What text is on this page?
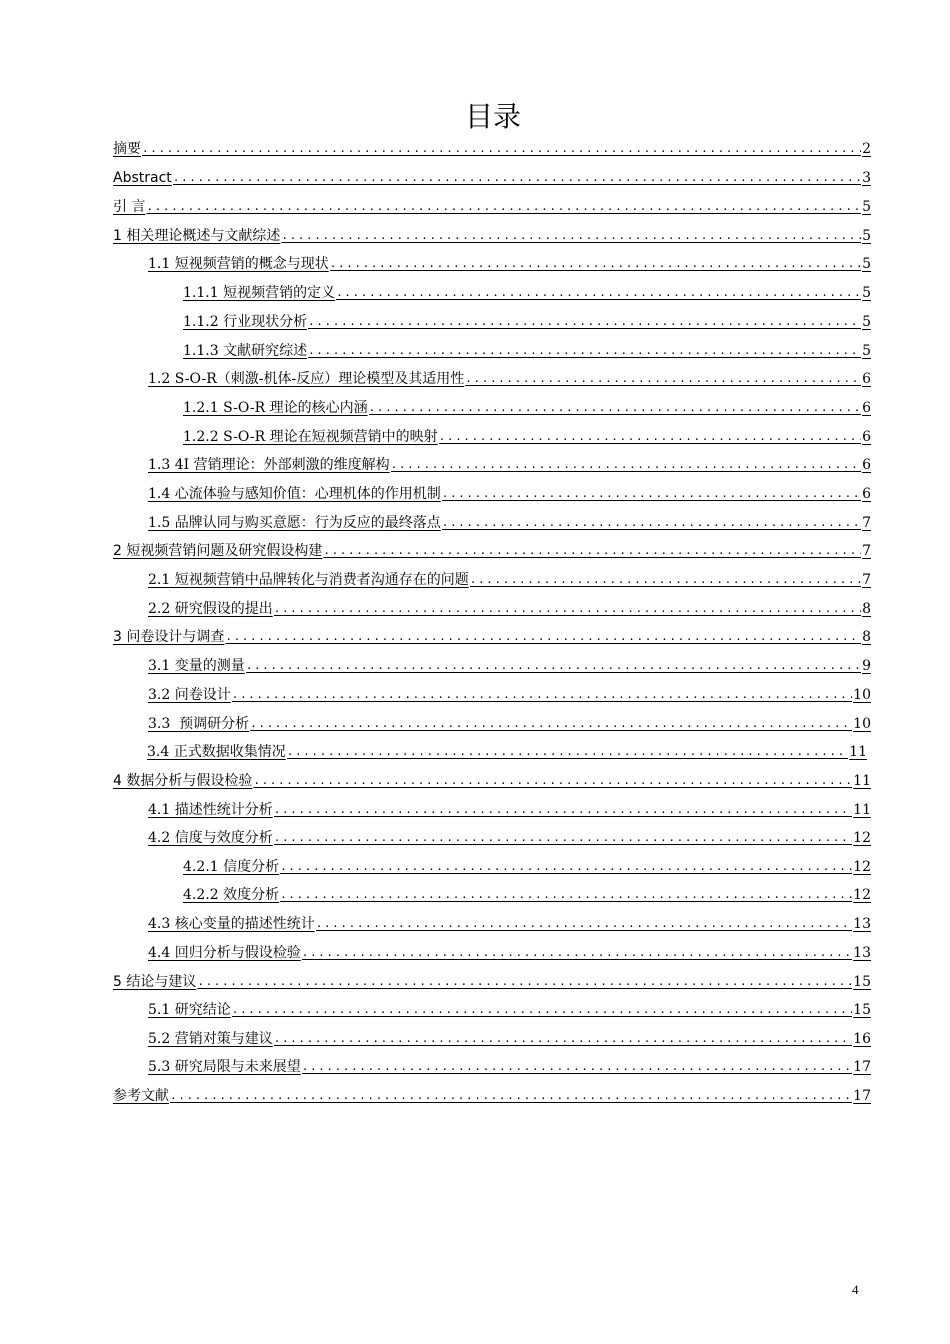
目录
摘要 .....	2
Abstract .....	3
引 言 .....	5
1 相关理论概述与文献综述 .....	5
1.1 短视频营销的概念与现状 .....	5
1.1.1 短视频营销的定义 .....	5
1.1.2 行业现状分析 .....	5
1.1.3 文献研究综述 .....	5
1.2 S-O-R（刺激-机体-反应）理论模型及其适用性 .....	6
1.2.1 S-O-R 理论的核心内涵 .....	6
1.2.2 S-O-R 理论在短视频营销中的映射 .....	6
1.3 4I 营销理论：外部刺激的维度解构 .....	6
1.4 心流体验与感知价值：心理机体的作用机制 .....	6
1.5 品牌认同与购买意愿：行为反应的最终落点 .....	7
2 短视频营销问题及研究假设构建 .....	7
2.1 短视频营销中品牌转化与消费者沟通存在的问题 .....	7
2.2 研究假设的提出 .....	8
3 问卷设计与调查 .....	8
3.1 变量的测量 .....	9
3.2 问卷设计 .....	10
3.3  预调研分析 .....	10
3.4 正式数据收集情况 .....	11
4 数据分析与假设检验 .....	11
4.1 描述性统计分析 .....	11
4.2 信度与效度分析 .....	12
4.2.1 信度分析 .....	12
4.2.2 效度分析 .....	12
4.3 核心变量的描述性统计 .....	13
4.4 回归分析与假设检验 .....	13
5 结论与建议 .....	15
5.1 研究结论 .....	15
5.2 营销对策与建议 .....	16
5.3 研究局限与未来展望 .....	17
参考文献 .....	17
4
